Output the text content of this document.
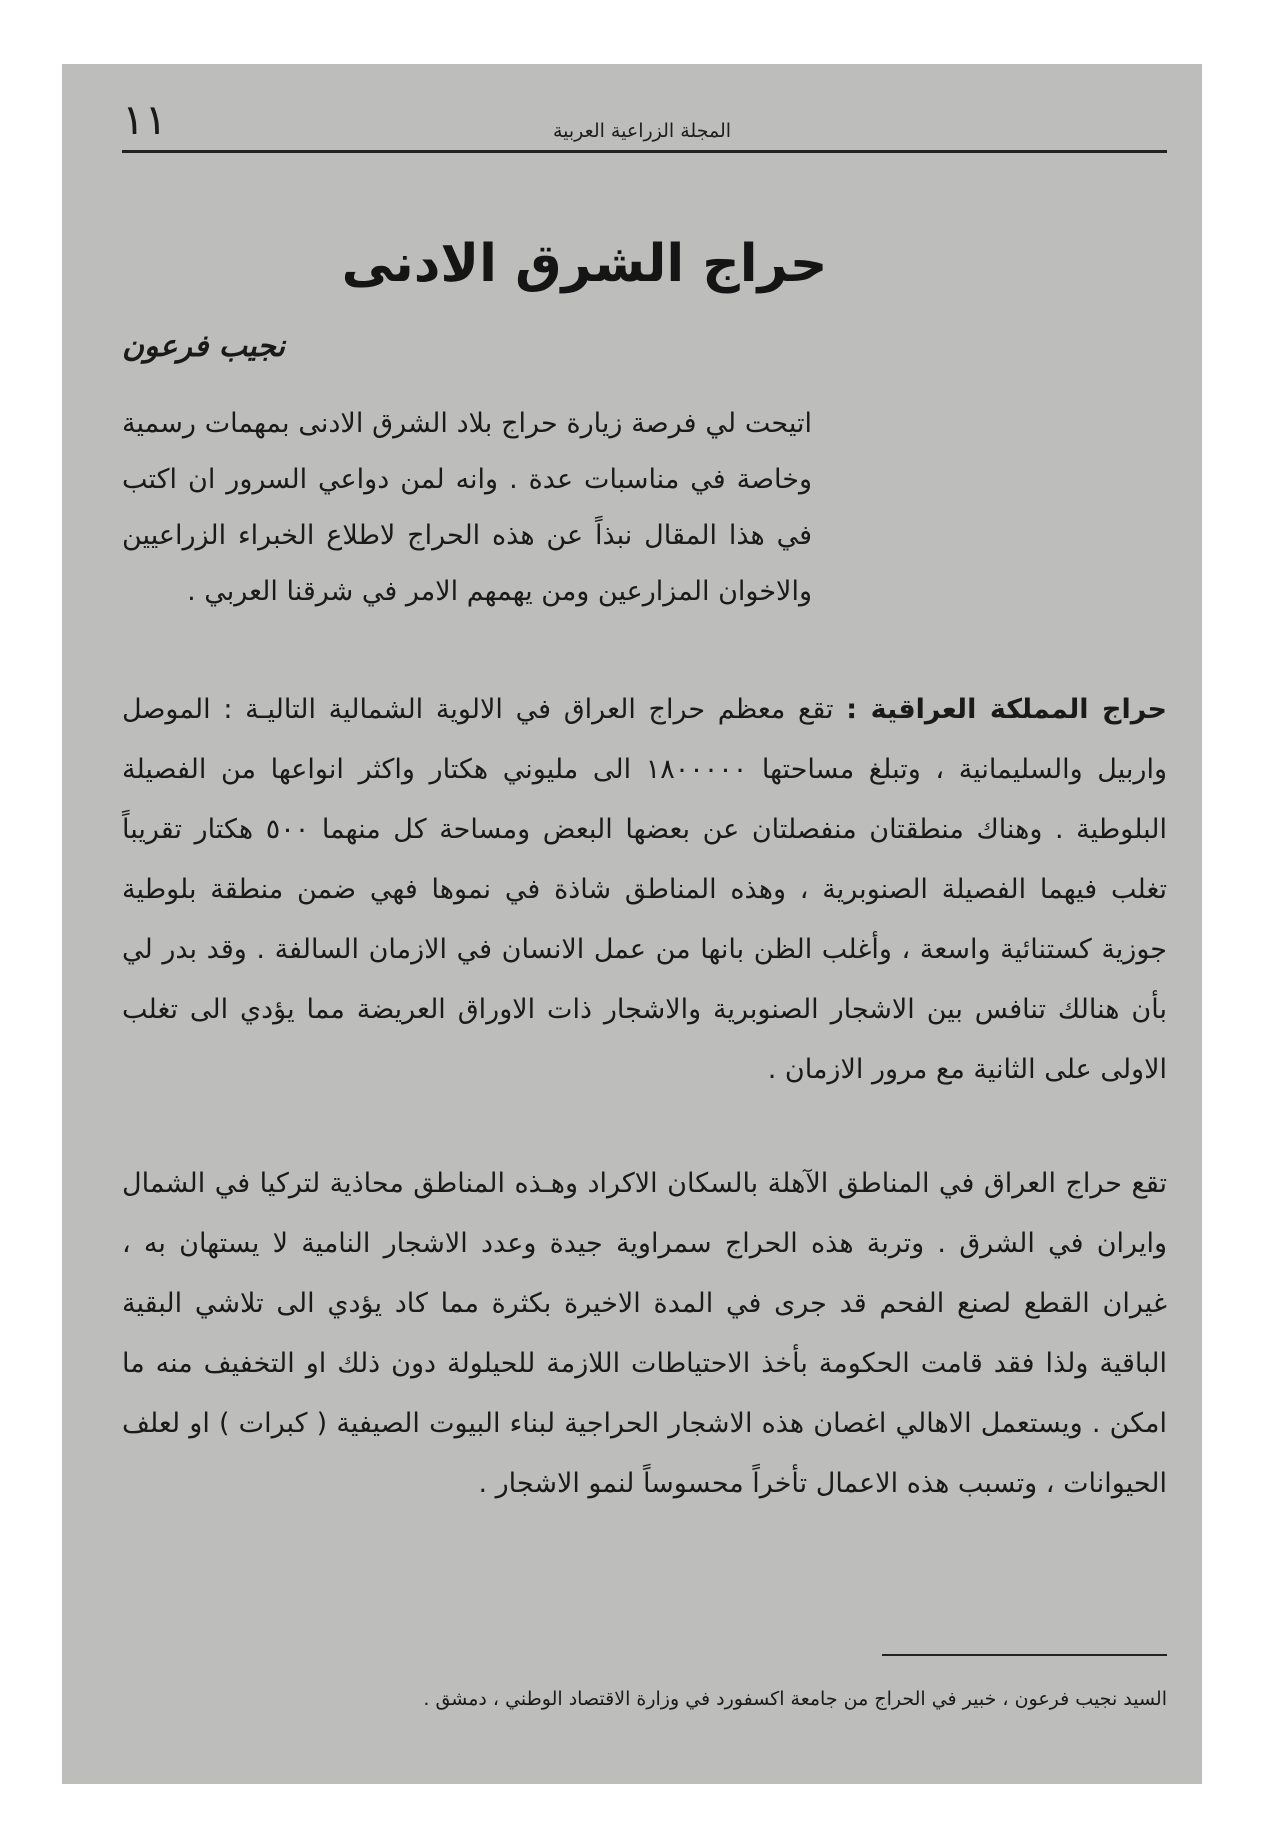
١١	المجلة الزراعية العربية
حراج الشرق الادنى
نجيب فرعون

اتيحت لي فرصة زيارة حراج بلاد الشرق الادنى بمهمات رسمية وخاصة في مناسبات عدة . وانه لمن دواعي السرور ان اكتب في هذا المقال نبذاً عن هذه الحراج لاطلاع الخبراء الزراعيين والاخوان المزارعين ومن يهمهم الامر في شرقنا العربي .

حراج المملكة العراقية : تقع معظم حراج العراق في الالوية الشمالية التاليـة : الموصل واربيل والسليمانية ، وتبلغ مساحتها ١٨٠٠٠٠٠ الى مليوني هكتار واكثر انواعها من الفصيلة البلوطية . وهناك منطقتان منفصلتان عن بعضها البعض ومساحة كل منهما ٥٠٠ هكتار تقريباً تغلب فيهما الفصيلة الصنوبرية ، وهذه المناطق شاذة في نموها فهي ضمن منطقة بلوطية جوزية كستنائية واسعة ، وأغلب الظن بانها من عمل الانسان في الازمان السالفة . وقد بدر لي بأن هنالك تنافس بين الاشجار الصنوبرية والاشجار ذات الاوراق العريضة مما يؤدي الى تغلب الاولى على الثانية مع مرور الازمان .

تقع حراج العراق في المناطق الآهلة بالسكان الاكراد وهـذه المناطق محاذية لتركيا في الشمال وايران في الشرق . وتربة هذه الحراج سمراوية جيدة وعدد الاشجار النامية لا يستهان به ، غيران القطع لصنع الفحم قد جرى في المدة الاخيرة بكثرة مما كاد يؤدي الى تلاشي البقية الباقية ولذا فقد قامت الحكومة بأخذ الاحتياطات اللازمة للحيلولة دون ذلك او التخفيف منه ما امكن . ويستعمل الاهالي اغصان هذه الاشجار الحراجية لبناء البيوت الصيفية ( كبرات ) او لعلف الحيوانات ، وتسبب هذه الاعمال تأخراً محسوساً لنمو الاشجار .

السيد نجيب فرعون ، خبير في الحراج من جامعة اكسفورد في وزارة الاقتصاد الوطني ، دمشق .
